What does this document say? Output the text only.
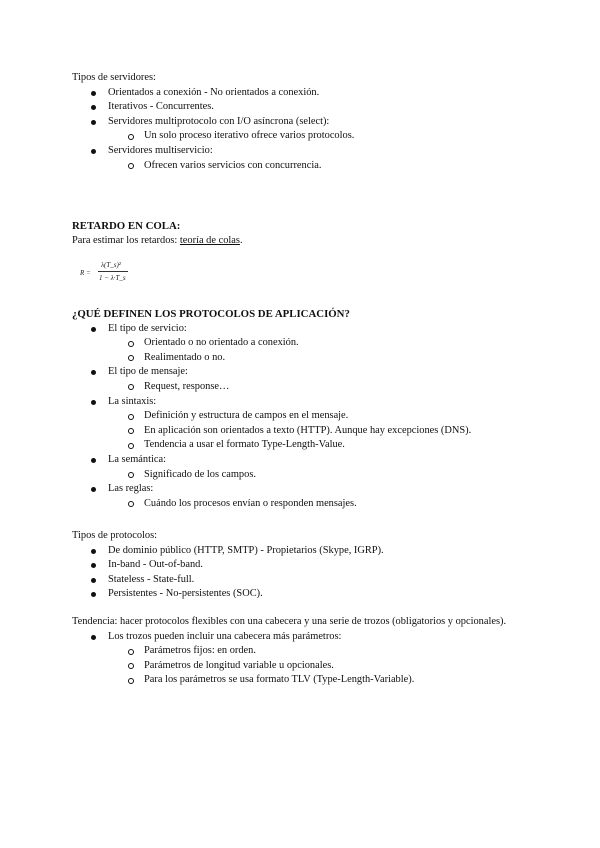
Tipos de servidores:

Orientados a conexión - No orientados a conexión.
Iterativos - Concurrentes.
Servidores multiprotocolo con I/O asíncrona (select):
Un solo proceso iterativo ofrece varios protocolos.
Servidores multiservicio:
Ofrecen varios servicios con concurrencia.

RETARDO EN COLA:

Para estimar los retardos: teoría de colas.

R =
λ(T_s)²
1 − λ·T_s

¿QUÉ DEFINEN LOS PROTOCOLOS DE APLICACIÓN?

El tipo de servicio:
Orientado o no orientado a conexión.
Realimentado o no.
El tipo de mensaje:
Request, response…
La sintaxis:
Definición y estructura de campos en el mensaje.
En aplicación son orientados a texto (HTTP). Aunque hay excepciones (DNS).
Tendencia a usar el formato Type-Length-Value.
La semántica:
Significado de los campos.
Las reglas:
Cuándo los procesos envían o responden mensajes.

Tipos de protocolos:

De dominio público (HTTP, SMTP) - Propietarios (Skype, IGRP).
In-band - Out-of-band.
Stateless - State-full.
Persistentes - No-persistentes (SOC).

Tendencia: hacer protocolos flexibles con una cabecera y una serie de trozos (obligatorios y opcionales).

Los trozos pueden incluir una cabecera más parámetros:
Parámetros fijos: en orden.
Parámetros de longitud variable u opcionales.
Para los parámetros se usa formato TLV (Type-Length-Variable).
